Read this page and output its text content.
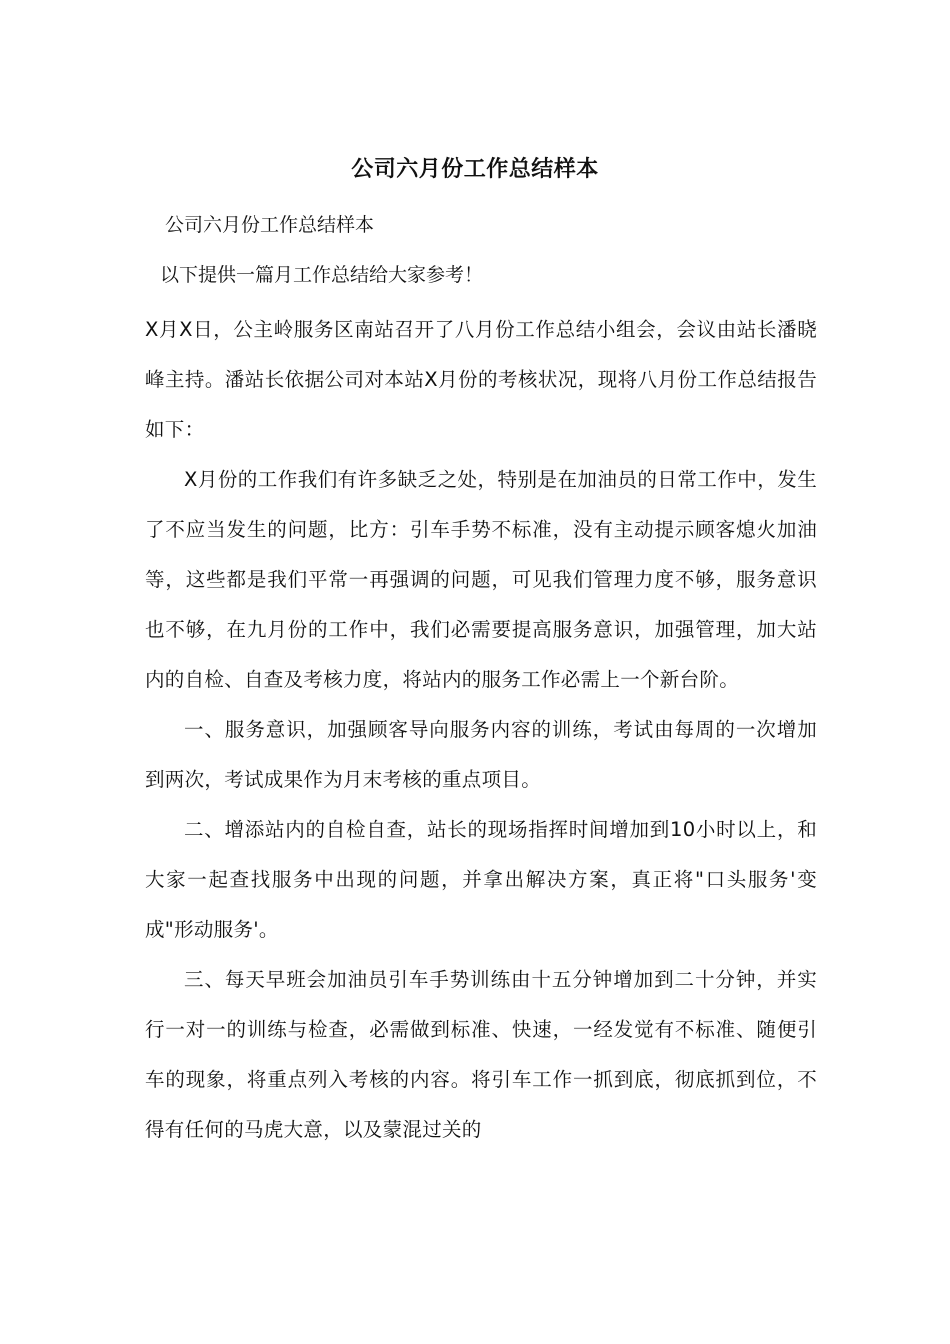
公司六月份工作总结样本
公司六月份工作总结样本
以下提供一篇月工作总结给大家参考！

X月X日，公主岭服务区南站召开了八月份工作总结小组会，会议由站长潘晓峰主持。潘站长依据公司对本站X月份的考核状况，现将八月份工作总结报告如下：

X月份的工作我们有许多缺乏之处，特别是在加油员的日常工作中，发生了不应当发生的问题，比方：引车手势不标准，没有主动提示顾客熄火加油等，这些都是我们平常一再强调的问题，可见我们管理力度不够，服务意识也不够，在九月份的工作中，我们必需要提高服务意识，加强管理，加大站内的自检、自查及考核力度，将站内的服务工作必需上一个新台阶。

一、服务意识，加强顾客导向服务内容的训练，考试由每周的一次增加到两次，考试成果作为月末考核的重点项目。

二、增添站内的自检自查，站长的现场指挥时间增加到10小时以上，和大家一起查找服务中出现的问题，并拿出解决方案，真正将"口头服务'变成"形动服务'。

三、每天早班会加油员引车手势训练由十五分钟增加到二十分钟，并实行一对一的训练与检查，必需做到标准、快速，一经发觉有不标准、随便引车的现象，将重点列入考核的内容。将引车工作一抓到底，彻底抓到位，不得有任何的马虎大意，以及蒙混过关的
